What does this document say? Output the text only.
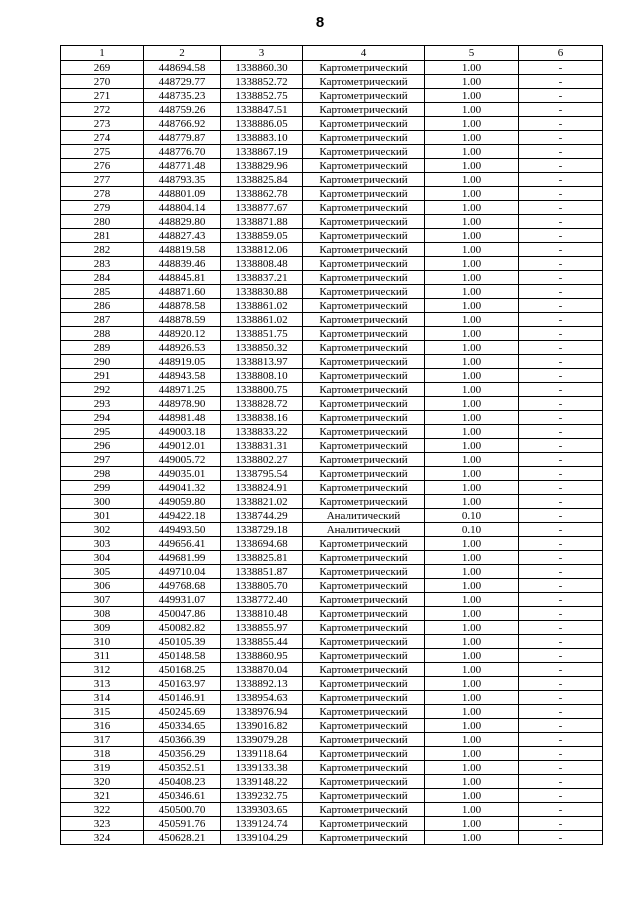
8
1	2	3	4	5	6
269	448694.58	1338860.30	Картометрический	1.00	-
270	448729.77	1338852.72	Картометрический	1.00	-
271	448735.23	1338852.75	Картометрический	1.00	-
272	448759.26	1338847.51	Картометрический	1.00	-
273	448766.92	1338886.05	Картометрический	1.00	-
274	448779.87	1338883.10	Картометрический	1.00	-
275	448776.70	1338867.19	Картометрический	1.00	-
276	448771.48	1338829.96	Картометрический	1.00	-
277	448793.35	1338825.84	Картометрический	1.00	-
278	448801.09	1338862.78	Картометрический	1.00	-
279	448804.14	1338877.67	Картометрический	1.00	-
280	448829.80	1338871.88	Картометрический	1.00	-
281	448827.43	1338859.05	Картометрический	1.00	-
282	448819.58	1338812.06	Картометрический	1.00	-
283	448839.46	1338808.48	Картометрический	1.00	-
284	448845.81	1338837.21	Картометрический	1.00	-
285	448871.60	1338830.88	Картометрический	1.00	-
286	448878.58	1338861.02	Картометрический	1.00	-
287	448878.59	1338861.02	Картометрический	1.00	-
288	448920.12	1338851.75	Картометрический	1.00	-
289	448926.53	1338850.32	Картометрический	1.00	-
290	448919.05	1338813.97	Картометрический	1.00	-
291	448943.58	1338808.10	Картометрический	1.00	-
292	448971.25	1338800.75	Картометрический	1.00	-
293	448978.90	1338828.72	Картометрический	1.00	-
294	448981.48	1338838.16	Картометрический	1.00	-
295	449003.18	1338833.22	Картометрический	1.00	-
296	449012.01	1338831.31	Картометрический	1.00	-
297	449005.72	1338802.27	Картометрический	1.00	-
298	449035.01	1338795.54	Картометрический	1.00	-
299	449041.32	1338824.91	Картометрический	1.00	-
300	449059.80	1338821.02	Картометрический	1.00	-
301	449422.18	1338744.29	Аналитический	0.10	-
302	449493.50	1338729.18	Аналитический	0.10	-
303	449656.41	1338694.68	Картометрический	1.00	-
304	449681.99	1338825.81	Картометрический	1.00	-
305	449710.04	1338851.87	Картометрический	1.00	-
306	449768.68	1338805.70	Картометрический	1.00	-
307	449931.07	1338772.40	Картометрический	1.00	-
308	450047.86	1338810.48	Картометрический	1.00	-
309	450082.82	1338855.97	Картометрический	1.00	-
310	450105.39	1338855.44	Картометрический	1.00	-
311	450148.58	1338860.95	Картометрический	1.00	-
312	450168.25	1338870.04	Картометрический	1.00	-
313	450163.97	1338892.13	Картометрический	1.00	-
314	450146.91	1338954.63	Картометрический	1.00	-
315	450245.69	1338976.94	Картометрический	1.00	-
316	450334.65	1339016.82	Картометрический	1.00	-
317	450366.39	1339079.28	Картометрический	1.00	-
318	450356.29	1339118.64	Картометрический	1.00	-
319	450352.51	1339133.38	Картометрический	1.00	-
320	450408.23	1339148.22	Картометрический	1.00	-
321	450346.61	1339232.75	Картометрический	1.00	-
322	450500.70	1339303.65	Картометрический	1.00	-
323	450591.76	1339124.74	Картометрический	1.00	-
324	450628.21	1339104.29	Картометрический	1.00	-
